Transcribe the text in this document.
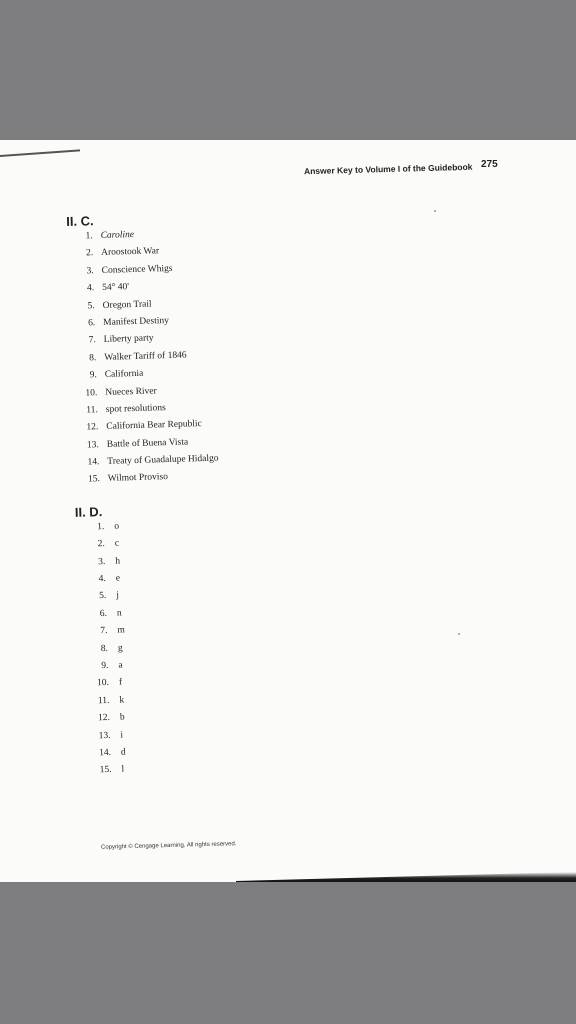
Answer Key to Volume I of the Guidebook 275
II. C.
1. Caroline
2. Aroostook War
3. Conscience Whigs
4. 54° 40'
5. Oregon Trail
6. Manifest Destiny
7. Liberty party
8. Walker Tariff of 1846
9. California
10. Nueces River
11. spot resolutions
12. California Bear Republic
13. Battle of Buena Vista
14. Treaty of Guadalupe Hidalgo
15. Wilmot Proviso
II. D.
1. o
2. c
3. h
4. e
5. j
6. n
7. m
8. g
9. a
10. f
11. k
12. b
13. i
14. d
15. l
Copyright © Cengage Learning. All rights reserved.
